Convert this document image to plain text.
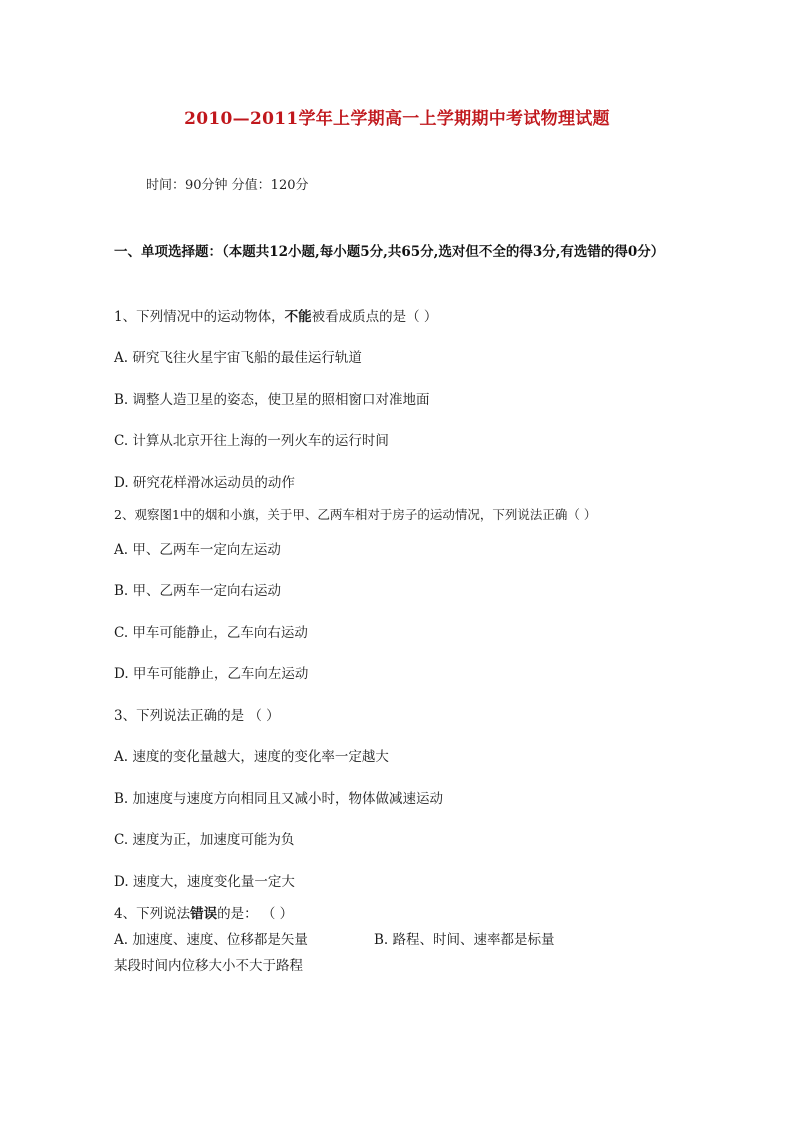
2010—2011学年上学期高一上学期期中考试物理试题
时间：90分钟 分值：120分
一、单项选择题：（本题共12小题,每小题5分,共65分,选对但不全的得3分,有选错的得0分）
1、下列情况中的运动物体，不能被看成质点的是（ ）
A. 研究飞往火星宇宙飞船的最佳运行轨道
B. 调整人造卫星的姿态，使卫星的照相窗口对准地面
C. 计算从北京开往上海的一列火车的运行时间
D. 研究花样滑冰运动员的动作
2、观察图1中的烟和小旗，关于甲、乙两车相对于房子的运动情况，下列说法正确（ ）
A. 甲、乙两车一定向左运动
B. 甲、乙两车一定向右运动
C. 甲车可能静止，乙车向右运动
D. 甲车可能静止，乙车向左运动
3、下列说法正确的是 （ ）
A. 速度的变化量越大，速度的变化率一定越大
B. 加速度与速度方向相同且又减小时，物体做减速运动
C. 速度为正，加速度可能为负
D. 速度大，速度变化量一定大
4、下列说法错误的是： （ ）
A. 加速度、速度、位移都是矢量	B. 路程、时间、速率都是标量
某段时间内位移大小不大于路程
